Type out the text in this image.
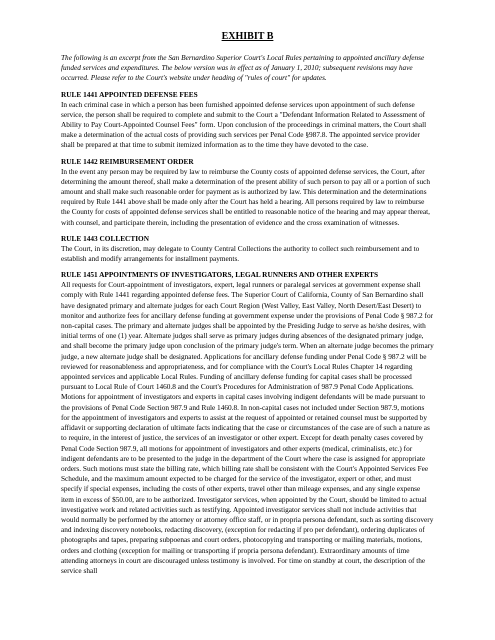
EXHIBIT B

The following is an excerpt from the San Bernardino Superior Court's Local Rules pertaining to appointed ancillary defense funded services and expenditures. The below version was in effect as of January 1, 2010; subsequent revisions may have occurred. Please refer to the Court's website under heading of "rules of court" for updates.

RULE 1441 APPOINTED DEFENSE FEES

In each criminal case in which a person has been furnished appointed defense services upon appointment of such defense service, the person shall be required to complete and submit to the Court a "Defendant Information Related to Assessment of Ability to Pay Court-Appointed Counsel Fees" form. Upon conclusion of the proceedings in criminal matters, the Court shall make a determination of the actual costs of providing such services per Penal Code §987.8. The appointed service provider shall be prepared at that time to submit itemized information as to the time they have devoted to the case.

RULE 1442 REIMBURSEMENT ORDER

In the event any person may be required by law to reimburse the County costs of appointed defense services, the Court, after determining the amount thereof, shall make a determination of the present ability of such person to pay all or a portion of such amount and shall make such reasonable order for payment as is authorized by law. This determination and the determinations required by Rule 1441 above shall be made only after the Court has held a hearing. All persons required by law to reimburse the County for costs of appointed defense services shall be entitled to reasonable notice of the hearing and may appear thereat, with counsel, and participate therein, including the presentation of evidence and the cross examination of witnesses.

RULE 1443 COLLECTION

The Court, in its discretion, may delegate to County Central Collections the authority to collect such reimbursement and to establish and modify arrangements for installment payments.

RULE 1451 APPOINTMENTS OF INVESTIGATORS, LEGAL RUNNERS AND OTHER EXPERTS

All requests for Court-appointment of investigators, expert, legal runners or paralegal services at government expense shall comply with Rule 1441 regarding appointed defense fees. The Superior Court of California, County of San Bernardino shall have designated primary and alternate judges for each Court Region (West Valley, East Valley, North Desert/East Desert) to monitor and authorize fees for ancillary defense funding at government expense under the provisions of Penal Code § 987.2 for non-capital cases. The primary and alternate judges shall be appointed by the Presiding Judge to serve as he/she desires, with initial terms of one (1) year. Alternate judges shall serve as primary judges during absences of the designated primary judge, and shall become the primary judge upon conclusion of the primary judge's term. When an alternate judge becomes the primary judge, a new alternate judge shall be designated. Applications for ancillary defense funding under Penal Code § 987.2 will be reviewed for reasonableness and appropriateness, and for compliance with the Court's Local Rules Chapter 14 regarding appointed services and applicable Local Rules. Funding of ancillary defense funding for capital cases shall be processed pursuant to Local Rule of Court 1460.8 and the Court's Procedures for Administration of 987.9 Penal Code Applications. Motions for appointment of investigators and experts in capital cases involving indigent defendants will be made pursuant to the provisions of Penal Code Section 987.9 and Rule 1460.8. In non-capital cases not included under Section 987.9, motions for the appointment of investigators and experts to assist at the request of appointed or retained counsel must be supported by affidavit or supporting declaration of ultimate facts indicating that the case or circumstances of the case are of such a nature as to require, in the interest of justice, the services of an investigator or other expert. Except for death penalty cases covered by Penal Code Section 987.9, all motions for appointment of investigators and other experts (medical, criminalists, etc.) for indigent defendants are to be presented to the judge in the department of the Court where the case is assigned for appropriate orders. Such motions must state the billing rate, which billing rate shall be consistent with the Court's Appointed Services Fee Schedule, and the maximum amount expected to be charged for the service of the investigator, expert or other, and must specify if special expenses, including the costs of other experts, travel other than mileage expenses, and any single expense item in excess of $50.00, are to be authorized. Investigator services, when appointed by the Court, should be limited to actual investigative work and related activities such as testifying. Appointed investigator services shall not include activities that would normally be performed by the attorney or attorney office staff, or in propria persona defendant, such as sorting discovery and indexing discovery notebooks, redacting discovery, (exception for redacting if pro per defendant), ordering duplicates of photographs and tapes, preparing subpoenas and court orders, photocopying and transporting or mailing materials, motions, orders and clothing (exception for mailing or transporting if propria persona defendant). Extraordinary amounts of time attending attorneys in court are discouraged unless testimony is involved. For time on standby at court, the description of the service shall
